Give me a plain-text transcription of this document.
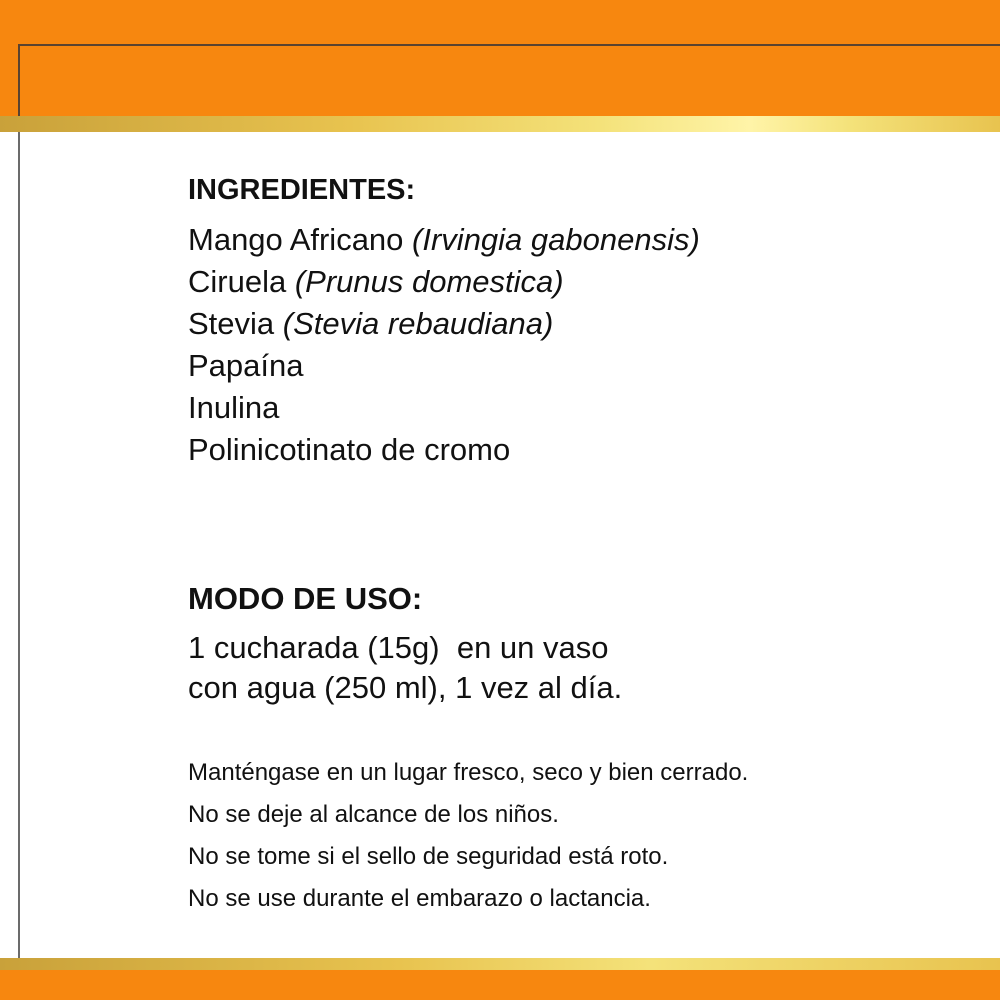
INGREDIENTES:
Mango Africano (Irvingia gabonensis)
Ciruela (Prunus domestica)
Stevia (Stevia rebaudiana)
Papaína
Inulina
Polinicotinato de cromo
MODO DE USO:
1 cucharada (15g)  en un vaso
con agua (250 ml), 1 vez al día.
Manténgase en un lugar fresco, seco y bien cerrado.
No se deje al alcance de los niños.
No se tome si el sello de seguridad está roto.
No se use durante el embarazo o lactancia.
